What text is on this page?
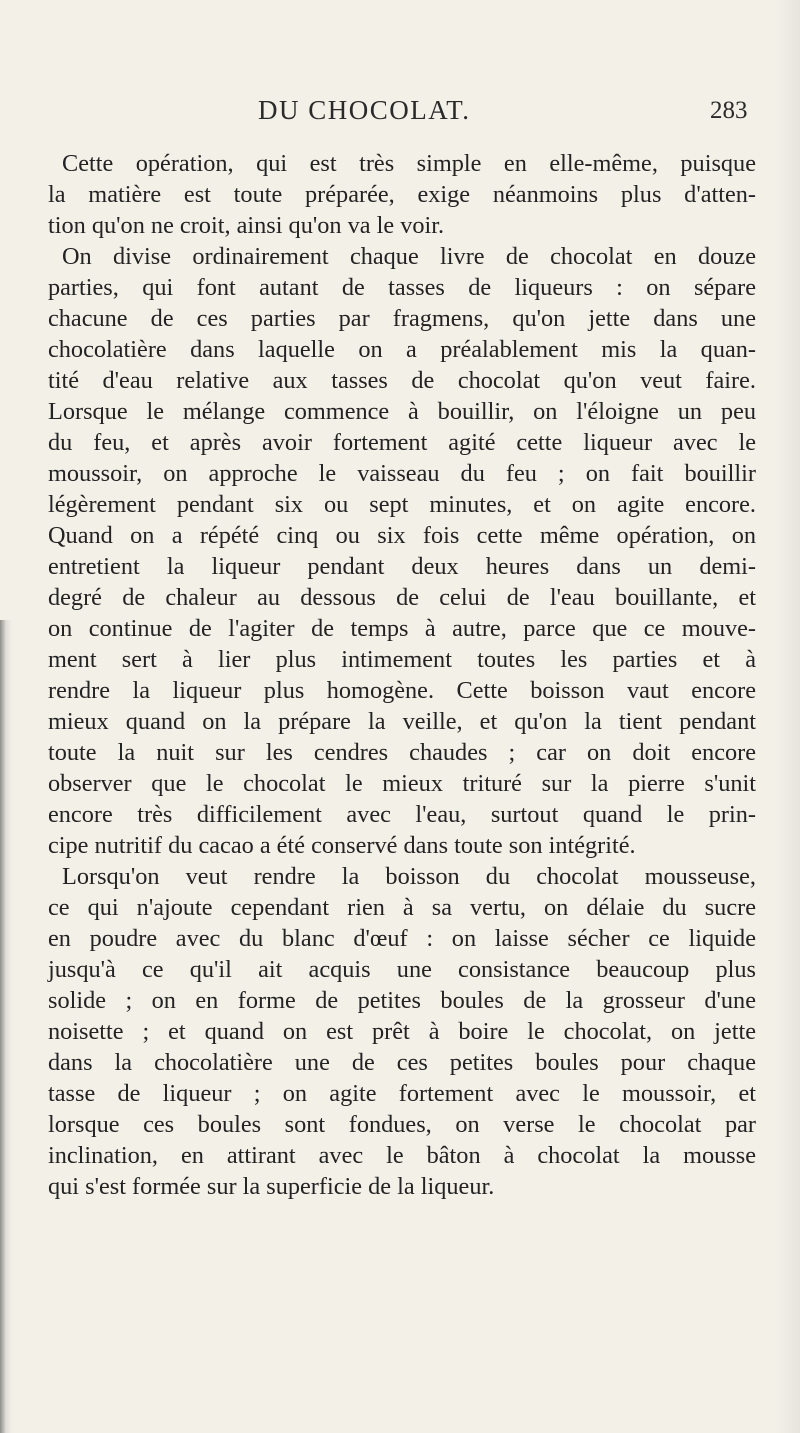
DU CHOCOLAT.	283
Cette opération, qui est très simple en elle-même, puisque
la matière est toute préparée, exige néanmoins plus d'atten-
tion qu'on ne croit, ainsi qu'on va le voir.
On divise ordinairement chaque livre de chocolat en douze
parties, qui font autant de tasses de liqueurs : on sépare
chacune de ces parties par fragmens, qu'on jette dans une
chocolatière dans laquelle on a préalablement mis la quan-
tité d'eau relative aux tasses de chocolat qu'on veut faire.
Lorsque le mélange commence à bouillir, on l'éloigne un peu
du feu, et après avoir fortement agité cette liqueur avec le
moussoir, on approche le vaisseau du feu ; on fait bouillir
légèrement pendant six ou sept minutes, et on agite encore.
Quand on a répété cinq ou six fois cette même opération, on
entretient la liqueur pendant deux heures dans un demi-
degré de chaleur au dessous de celui de l'eau bouillante, et
on continue de l'agiter de temps à autre, parce que ce mouve-
ment sert à lier plus intimement toutes les parties et à
rendre la liqueur plus homogène. Cette boisson vaut encore
mieux quand on la prépare la veille, et qu'on la tient pendant
toute la nuit sur les cendres chaudes ; car on doit encore
observer que le chocolat le mieux trituré sur la pierre s'unit
encore très difficilement avec l'eau, surtout quand le prin-
cipe nutritif du cacao a été conservé dans toute son intégrité.
Lorsqu'on veut rendre la boisson du chocolat mousseuse,
ce qui n'ajoute cependant rien à sa vertu, on délaie du sucre
en poudre avec du blanc d'œuf : on laisse sécher ce liquide
jusqu'à ce qu'il ait acquis une consistance beaucoup plus
solide ; on en forme de petites boules de la grosseur d'une
noisette ; et quand on est prêt à boire le chocolat, on jette
dans la chocolatière une de ces petites boules pour chaque
tasse de liqueur ; on agite fortement avec le moussoir, et
lorsque ces boules sont fondues, on verse le chocolat par
inclination, en attirant avec le bâton à chocolat la mousse
qui s'est formée sur la superficie de la liqueur.
